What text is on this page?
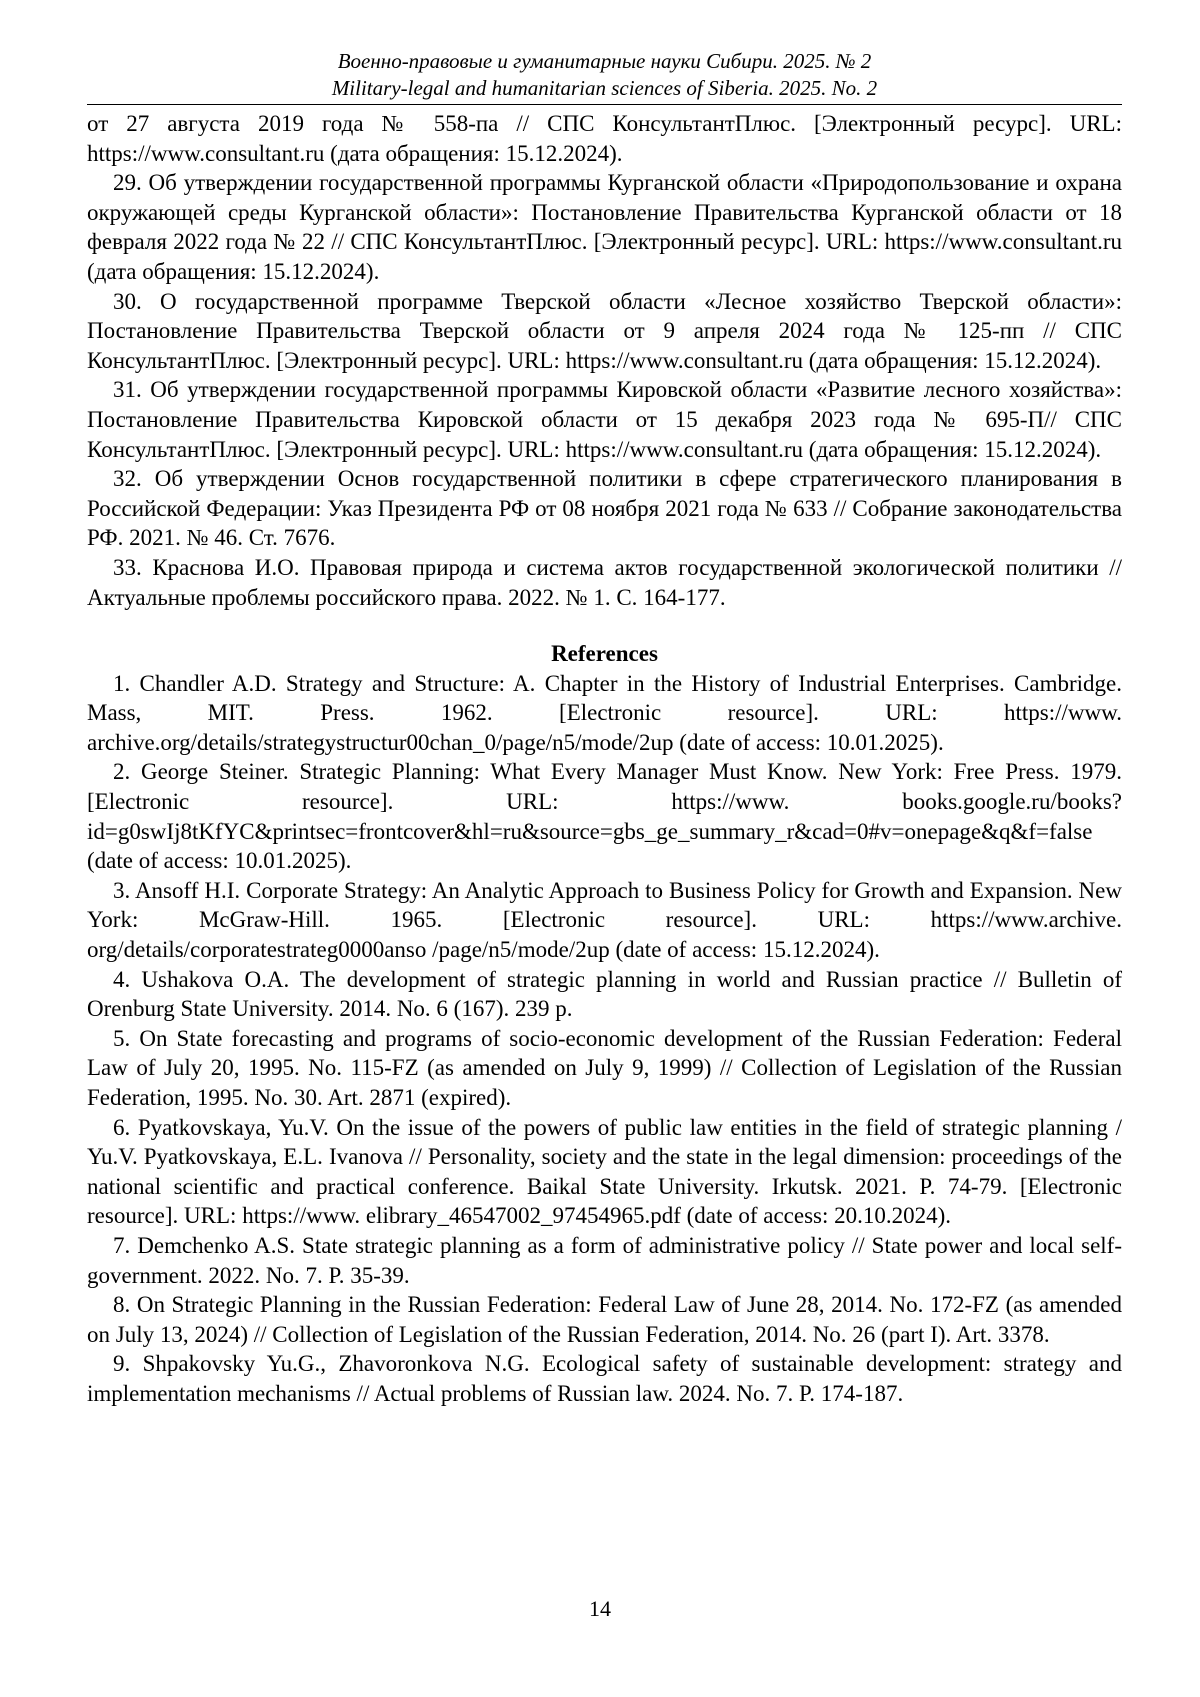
Военно-правовые и гуманитарные науки Сибири. 2025. № 2
Military-legal and humanitarian sciences of Siberia. 2025. No. 2

от 27 августа 2019 года № 558-па // СПС КонсультантПлюс. [Электронный ресурс]. URL: https://www.consultant.ru (дата обращения: 15.12.2024).

29. Об утверждении государственной программы Курганской области «Природопользование и охрана окружающей среды Курганской области»: Постановление Правительства Курганской области от 18 февраля 2022 года № 22 // СПС КонсультантПлюс. [Электронный ресурс]. URL: https://www.consultant.ru (дата обращения: 15.12.2024).

30. О государственной программе Тверской области «Лесное хозяйство Тверской области»: Постановление Правительства Тверской области от 9 апреля 2024 года № 125-пп // СПС КонсультантПлюс. [Электронный ресурс]. URL: https://www.consultant.ru (дата обращения: 15.12.2024).

31. Об утверждении государственной программы Кировской области «Развитие лесного хозяйства»: Постановление Правительства Кировской области от 15 декабря 2023 года № 695-П// СПС КонсультантПлюс. [Электронный ресурс]. URL: https://www.consultant.ru (дата обращения: 15.12.2024).

32. Об утверждении Основ государственной политики в сфере стратегического планирования в Российской Федерации: Указ Президента РФ от 08 ноября 2021 года № 633 // Собрание законодательства РФ. 2021. № 46. Ст. 7676.

33. Краснова И.О. Правовая природа и система актов государственной экологической политики // Актуальные проблемы российского права. 2022. № 1. С. 164-177.

References

1. Chandler A.D. Strategy and Structure: A. Chapter in the History of Industrial Enterprises. Cambridge. Mass, MIT. Press. 1962. [Electronic resource]. URL: https://www. archive.org/details/strategystructur00chan_0/page/n5/mode/2up (date of access: 10.01.2025).

2. George Steiner. Strategic Planning: What Every Manager Must Know. New York: Free Press. 1979. [Electronic resource]. URL: https://www. books.google.ru/books?id=g0swIj8tKfYC&printsec=frontcover&hl=ru&source=gbs_ge_summary_r&cad=0#v=onepage&q&f=false (date of access: 10.01.2025).

3. Ansoff H.I. Corporate Strategy: An Analytic Approach to Business Policy for Growth and Expansion. New York: McGraw-Hill. 1965. [Electronic resource]. URL: https://www.archive. org/details/corporatestrateg0000anso /page/n5/mode/2up (date of access: 15.12.2024).

4. Ushakova O.A. The development of strategic planning in world and Russian practice // Bulletin of Orenburg State University. 2014. No. 6 (167). 239 p.

5. On State forecasting and programs of socio-economic development of the Russian Federation: Federal Law of July 20, 1995. No. 115-FZ (as amended on July 9, 1999) // Collection of Legislation of the Russian Federation, 1995. No. 30. Art. 2871 (expired).

6. Pyatkovskaya, Yu.V. On the issue of the powers of public law entities in the field of strategic planning / Yu.V. Pyatkovskaya, E.L. Ivanova // Personality, society and the state in the legal dimension: proceedings of the national scientific and practical conference. Baikal State University. Irkutsk. 2021. P. 74-79. [Electronic resource]. URL: https://www. elibrary_46547002_97454965.pdf (date of access: 20.10.2024).

7. Demchenko A.S. State strategic planning as a form of administrative policy // State power and local self-government. 2022. No. 7. P. 35-39.

8. On Strategic Planning in the Russian Federation: Federal Law of June 28, 2014. No. 172-FZ (as amended on July 13, 2024) // Collection of Legislation of the Russian Federation, 2014. No. 26 (part I). Art. 3378.

9. Shpakovsky Yu.G., Zhavoronkova N.G. Ecological safety of sustainable development: strategy and implementation mechanisms // Actual problems of Russian law. 2024. No. 7. P. 174-187.

14
